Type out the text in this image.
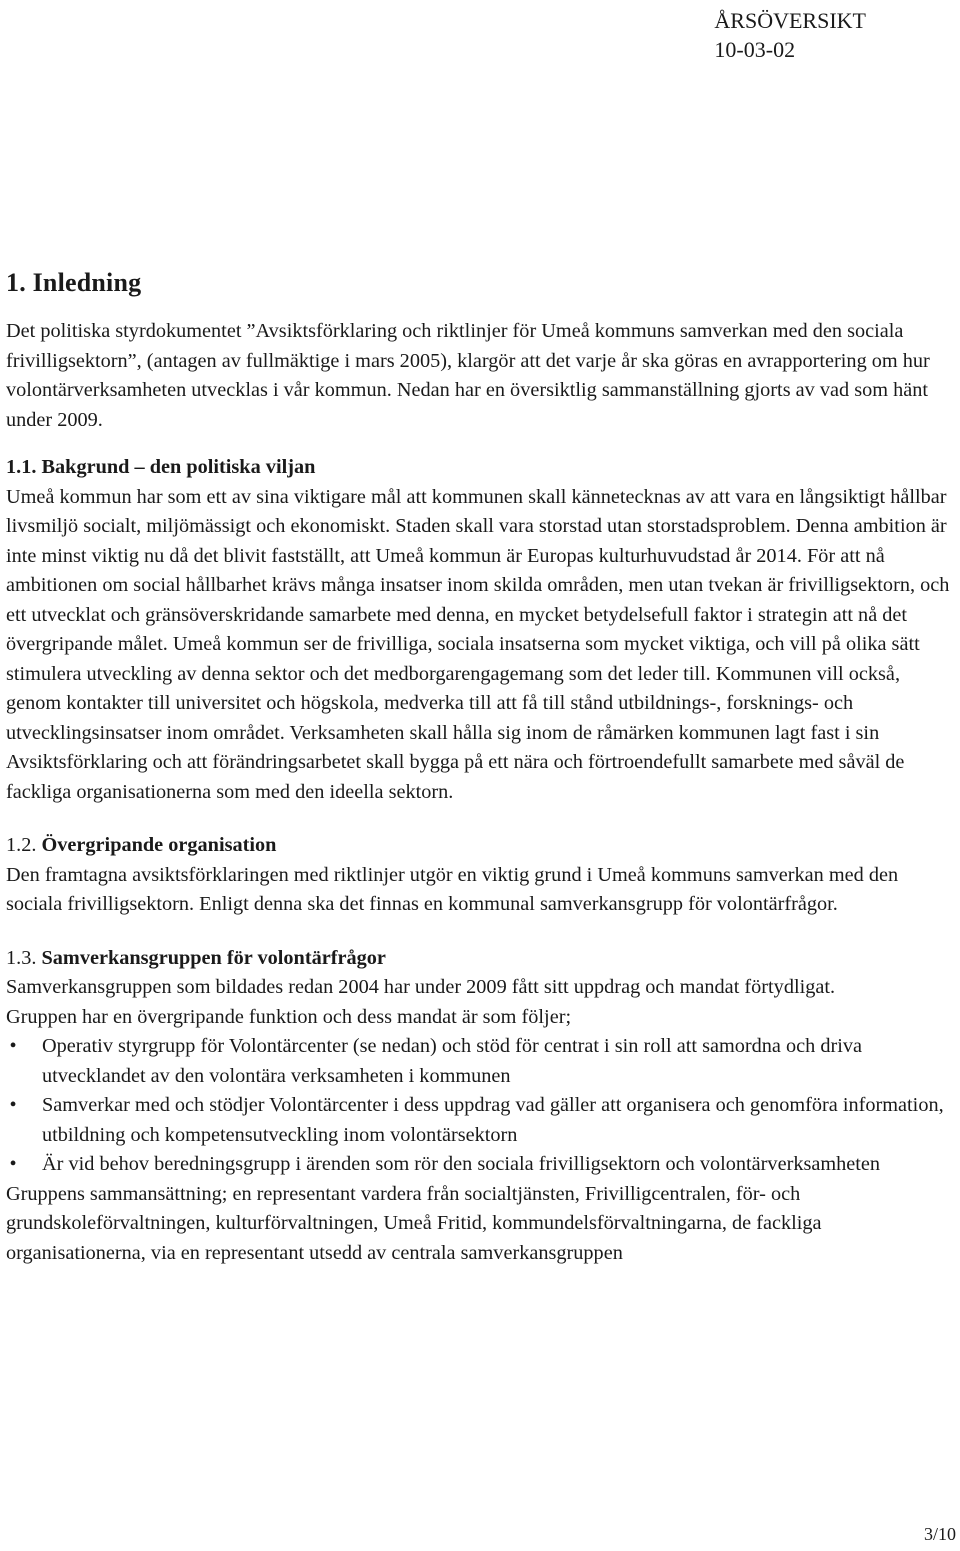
ÅRSÖVERSIKT
10-03-02
1. Inledning

Det politiska styrdokumentet ”Avsiktsförklaring och riktlinjer för Umeå kommuns samverkan med den sociala frivilligsektorn”, (antagen av fullmäktige i mars 2005), klargör att det varje år ska göras en avrapportering om hur volontärverksamheten utvecklas i vår kommun. Nedan har en översiktlig sammanställning gjorts av vad som hänt under 2009.

1.1. Bakgrund – den politiska viljan

Umeå kommun har som ett av sina viktigare mål att kommunen skall kännetecknas av att vara en långsiktigt hållbar livsmiljö socialt, miljömässigt och ekonomiskt. Staden skall vara storstad utan storstadsproblem. Denna ambition är inte minst viktig nu då det blivit fastställt, att Umeå kommun är Europas kulturhuvudstad år 2014. För att nå ambitionen om social hållbarhet krävs många insatser inom skilda områden, men utan tvekan är frivilligsektorn, och ett utvecklat och gränsöverskridande samarbete med denna, en mycket betydelsefull faktor i strategin att nå det övergripande målet. Umeå kommun ser de frivilliga, sociala insatserna som mycket viktiga, och vill på olika sätt stimulera utveckling av denna sektor och det medborgarengagemang som det leder till. Kommunen vill också, genom kontakter till universitet och högskola, medverka till att få till stånd utbildnings-, forsknings- och utvecklingsinsatser inom området. Verksamheten skall hålla sig inom de råmärken kommunen lagt fast i sin Avsiktsförklaring och att förändringsarbetet skall bygga på ett nära och förtroendefullt samarbete med såväl de fackliga organisationerna som med den ideella sektorn.

1.2. Övergripande organisation

Den framtagna avsiktsförklaringen med riktlinjer utgör en viktig grund i Umeå kommuns samverkan med den sociala frivilligsektorn. Enligt denna ska det finnas en kommunal samverkansgrupp för volontärfrågor.

1.3. Samverkansgruppen för volontärfrågor

Samverkansgruppen som bildades redan 2004 har under 2009 fått sitt uppdrag och mandat förtydligat.

Gruppen har en övergripande funktion och dess mandat är som följer;

• Operativ styrgrupp för Volontärcenter (se nedan) och stöd för centrat i sin roll att samordna och driva utvecklandet av den volontära verksamheten i kommunen
• Samverkar med och stödjer Volontärcenter i dess uppdrag vad gäller att organisera och genomföra information, utbildning och kompetensutveckling inom volontärsektorn
• Är vid behov beredningsgrupp i ärenden som rör den sociala frivilligsektorn och volontärverksamheten

Gruppens sammansättning; en representant vardera från socialtjänsten, Frivilligcentralen, för- och grundskoleförvaltningen, kulturförvaltningen, Umeå Fritid, kommundelsförvaltningarna, de fackliga organisationerna, via en representant utsedd av centrala samverkansgruppen

3/10
